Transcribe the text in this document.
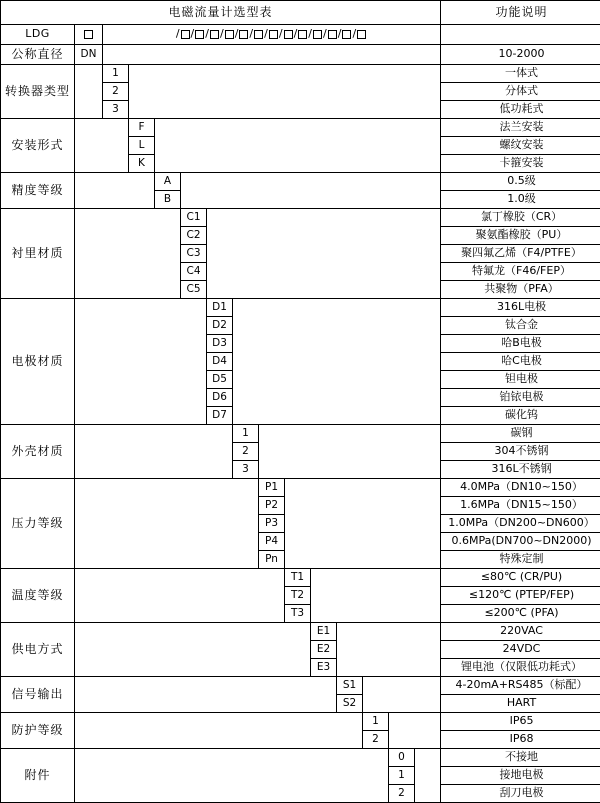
电磁流量计选型表															功能说明
LDG		/ / / / / / / / / / / / /													
公称直径	DN														10-2000
转换器类型		1													一体式
		2													分体式
		3													低功耗式
安装形式			F												法兰安装
			L												螺纹安装
			K												卡箍安装
精度等级				A											0.5级
				B											1.0级
衬里材质					C1										氯丁橡胶（CR）
					C2										聚氨酯橡胶（PU）
					C3										聚四氟乙烯（F4/PTFE）
					C4										特氟龙（F46/FEP）
					C5										共聚物（PFA）
电极材质						D1									316L电极
						D2									钛合金
						D3									哈B电极
						D4									哈C电极
						D5									钽电极
						D6									铂铱电极
						D7									碳化钨
外壳材质							1								碳钢
							2								304不锈钢
							3								316L不锈钢
压力等级								P1							4.0MPa（DN10~150）
								P2							1.6MPa（DN15~150）
								P3							1.0MPa（DN200~DN600）
								P4							0.6MPa(DN700~DN2000)
								Pn							特殊定制
温度等级									T1						≤80℃ (CR/PU)
									T2						≤120℃ (PTEP/FEP)
									T3						≤200℃ (PFA)
供电方式										E1					220VAC
										E2					24VDC
										E3					锂电池（仅限低功耗式）
信号输出											S1				4-20mA+RS485（标配）
											S2				HART
防护等级												1			IP65
												2			IP68
附件													0		不接地
													1		接地电极
													2		刮刀电极
